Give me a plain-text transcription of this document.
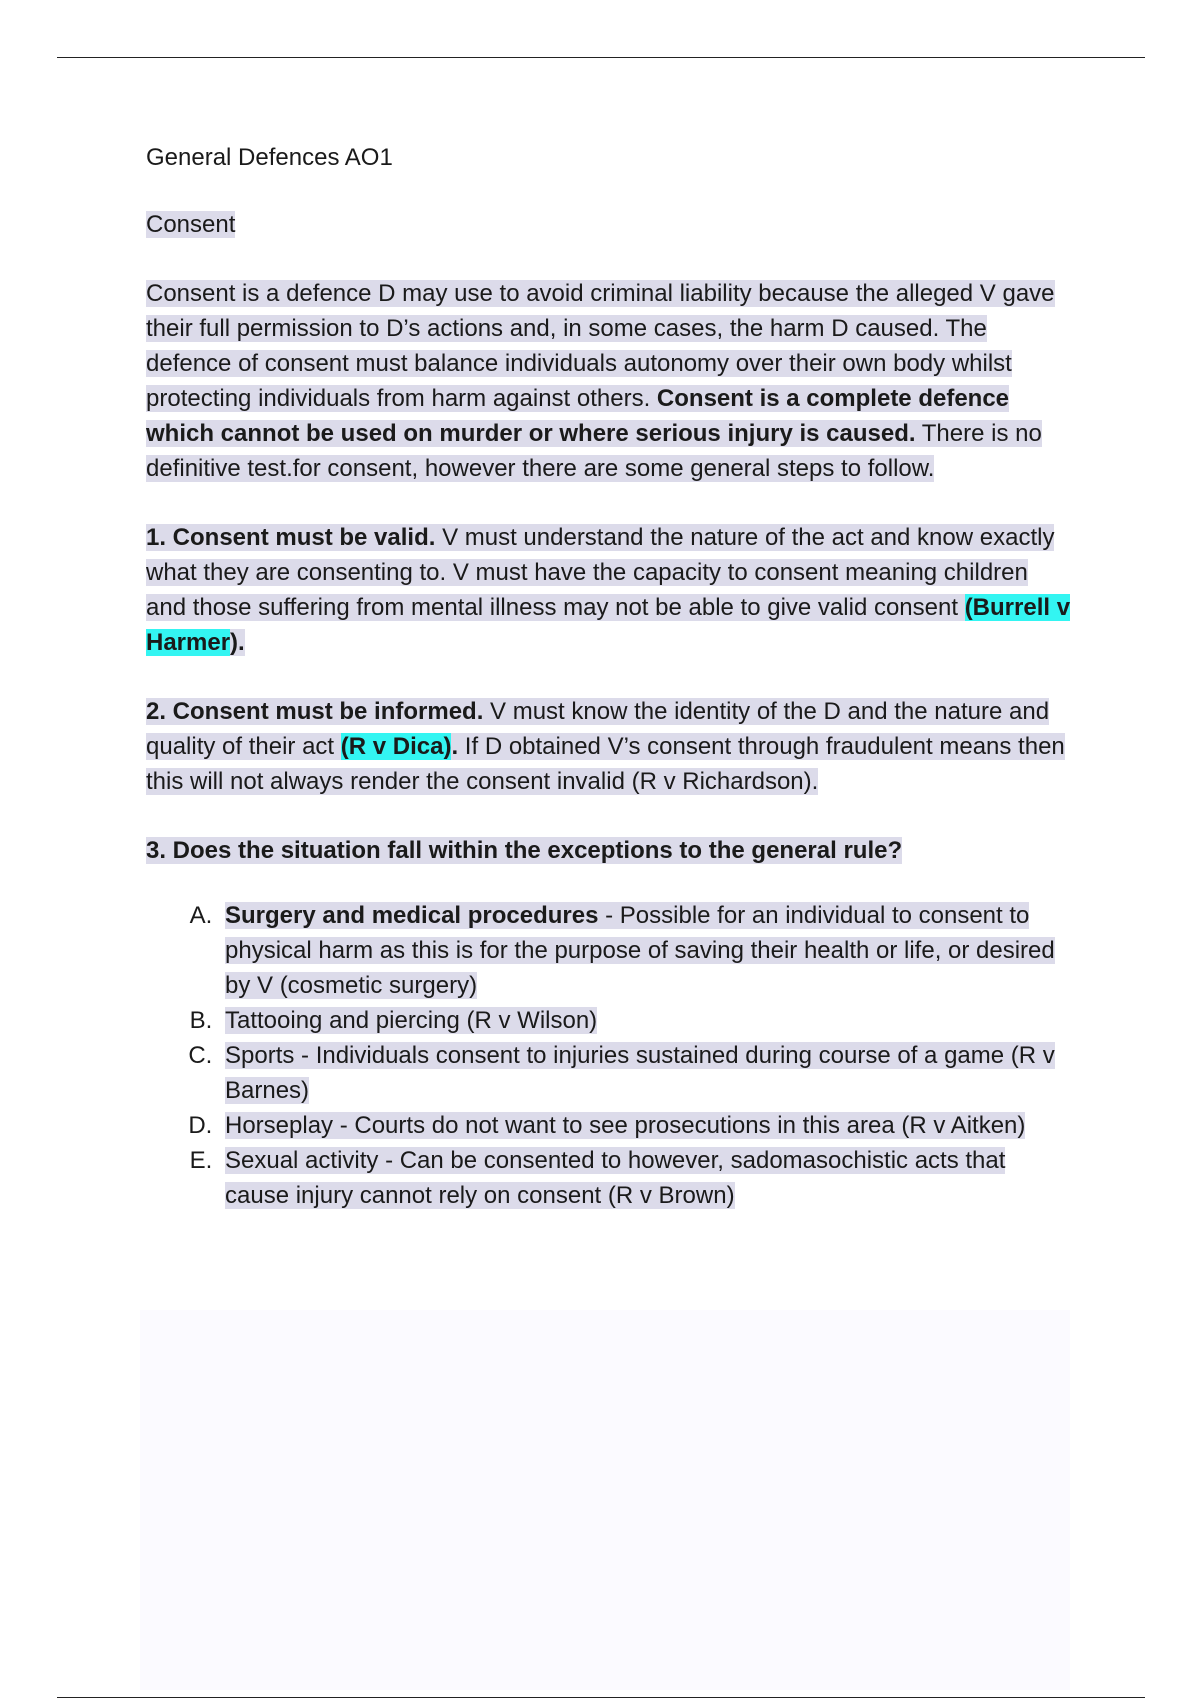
General Defences AO1

Consent

Consent is a defence D may use to avoid criminal liability because the alleged V gave their full permission to D’s actions and, in some cases, the harm D caused. The defence of consent must balance individuals autonomy over their own body whilst protecting individuals from harm against others. Consent is a complete defence which cannot be used on murder or where serious injury is caused. There is no definitive test.for consent, however there are some general steps to follow.

1. Consent must be valid. V must understand the nature of the act and know exactly what they are consenting to. V must have the capacity to consent meaning children and those suffering from mental illness may not be able to give valid consent (Burrell v Harmer).

2. Consent must be informed. V must know the identity of the D and the nature and quality of their act (R v Dica). If D obtained V’s consent through fraudulent means then this will not always render the consent invalid (R v Richardson).

3. Does the situation fall within the exceptions to the general rule?

A. Surgery and medical procedures - Possible for an individual to consent to physical harm as this is for the purpose of saving their health or life, or desired by V (cosmetic surgery)
B. Tattooing and piercing (R v Wilson)
C. Sports - Individuals consent to injuries sustained during course of a game (R v Barnes)
D. Horseplay - Courts do not want to see prosecutions in this area (R v Aitken)
E. Sexual activity - Can be consented to however, sadomasochistic acts that cause injury cannot rely on consent (R v Brown)
